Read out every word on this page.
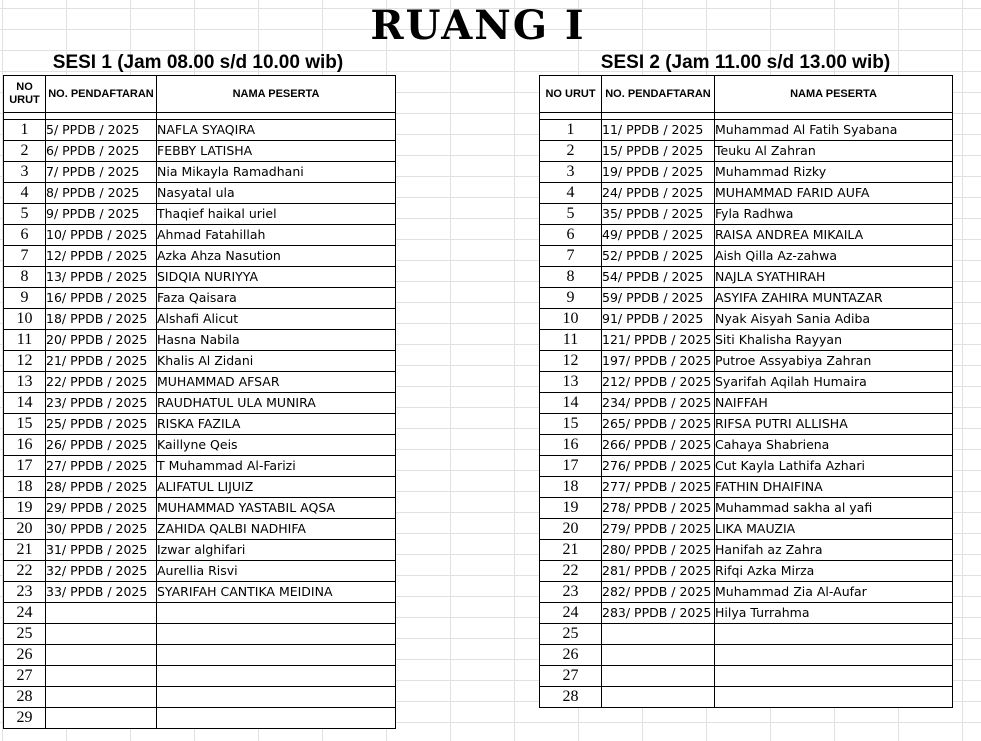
RUANG I
SESI 1 (Jam 08.00 s/d 10.00 wib)	SESI 2 (Jam 11.00 s/d 13.00 wib)
NO URUT	NO. PENDAFTARAN	NAMA PESERTA

1	5/ PPDB / 2025	NAFLA SYAQIRA
2	6/ PPDB / 2025	FEBBY LATISHA
3	7/ PPDB / 2025	Nia Mikayla Ramadhani
4	8/ PPDB / 2025	Nasyatal ula
5	9/ PPDB / 2025	Thaqief haikal uriel
6	10/ PPDB / 2025	Ahmad Fatahillah
7	12/ PPDB / 2025	Azka Ahza Nasution
8	13/ PPDB / 2025	SIDQIA NURIYYA
9	16/ PPDB / 2025	Faza Qaisara
10	18/ PPDB / 2025	Alshafi Alicut
11	20/ PPDB / 2025	Hasna Nabila
12	21/ PPDB / 2025	Khalis Al Zidani
13	22/ PPDB / 2025	MUHAMMAD AFSAR
14	23/ PPDB / 2025	RAUDHATUL ULA MUNIRA
15	25/ PPDB / 2025	RISKA FAZILA
16	26/ PPDB / 2025	Kaillyne Qeis
17	27/ PPDB / 2025	T Muhammad Al-Farizi
18	28/ PPDB / 2025	ALIFATUL LIJUIZ
19	29/ PPDB / 2025	MUHAMMAD YASTABIL AQSA
20	30/ PPDB / 2025	ZAHIDA QALBI NADHIFA
21	31/ PPDB / 2025	Izwar alghifari
22	32/ PPDB / 2025	Aurellia Risvi
23	33/ PPDB / 2025	SYARIFAH CANTIKA MEIDINA
24		
25		
26		
27		
28		
29		
NO URUT	NO. PENDAFTARAN	NAMA PESERTA

1	11/ PPDB / 2025	Muhammad Al Fatih Syabana
2	15/ PPDB / 2025	Teuku Al Zahran
3	19/ PPDB / 2025	Muhammad Rizky
4	24/ PPDB / 2025	MUHAMMAD FARID AUFA
5	35/ PPDB / 2025	Fyla Radhwa
6	49/ PPDB / 2025	RAISA ANDREA MIKAILA
7	52/ PPDB / 2025	Aish Qilla Az-zahwa
8	54/ PPDB / 2025	NAJLA SYATHIRAH
9	59/ PPDB / 2025	ASYIFA ZAHIRA MUNTAZAR
10	91/ PPDB / 2025	Nyak Aisyah Sania Adiba
11	121/ PPDB / 2025	Siti Khalisha Rayyan
12	197/ PPDB / 2025	Putroe Assyabiya Zahran
13	212/ PPDB / 2025	Syarifah Aqilah Humaira
14	234/ PPDB / 2025	NAIFFAH
15	265/ PPDB / 2025	RIFSA PUTRI ALLISHA
16	266/ PPDB / 2025	Cahaya Shabriena
17	276/ PPDB / 2025	Cut Kayla Lathifa Azhari
18	277/ PPDB / 2025	FATHIN DHAIFINA
19	278/ PPDB / 2025	Muhammad sakha al yafi
20	279/ PPDB / 2025	LIKA MAUZIA
21	280/ PPDB / 2025	Hanifah az Zahra
22	281/ PPDB / 2025	Rifqi Azka Mirza
23	282/ PPDB / 2025	Muhammad Zia Al-Aufar
24	283/ PPDB / 2025	Hilya Turrahma
25		
26		
27		
28		
